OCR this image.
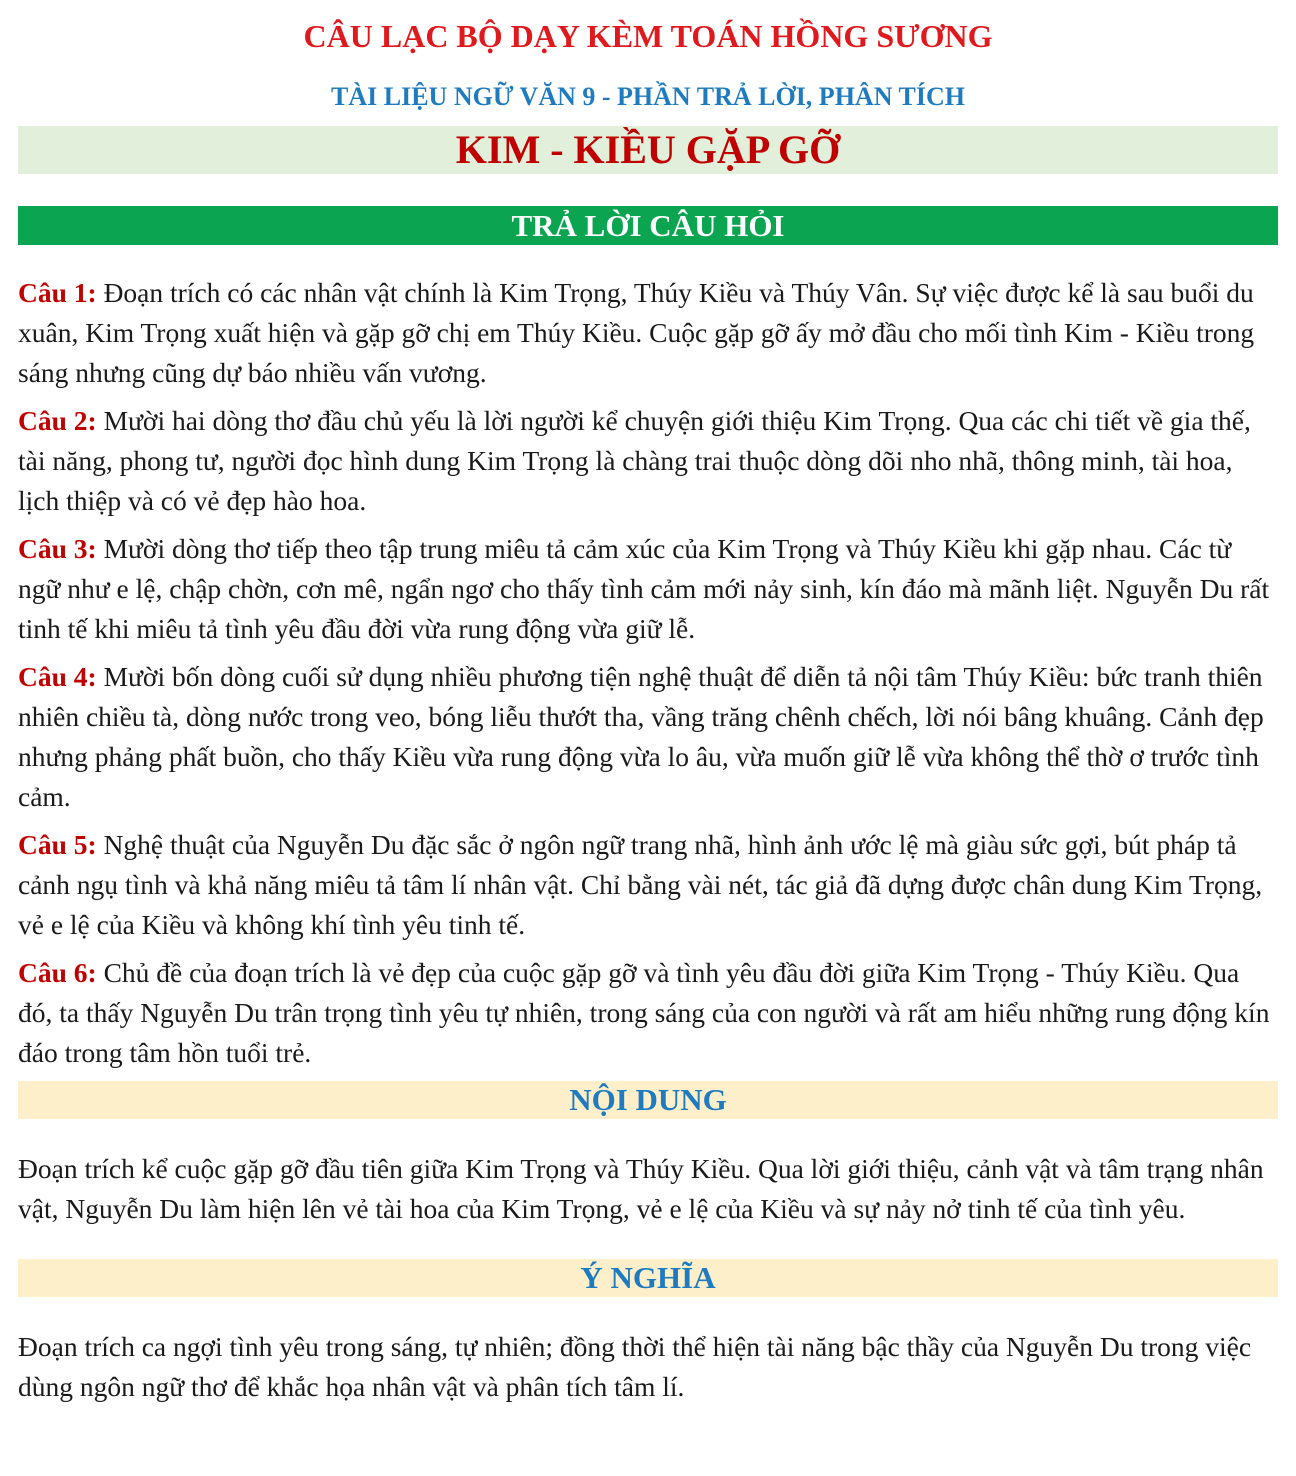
CÂU LẠC BỘ DẠY KÈM TOÁN HỒNG SƯƠNG
TÀI LIỆU NGỮ VĂN 9 - PHẦN TRẢ LỜI, PHÂN TÍCH
KIM - KIỀU GẶP GỠ
TRẢ LỜI CÂU HỎI
Câu 1: Đoạn trích có các nhân vật chính là Kim Trọng, Thúy Kiều và Thúy Vân. Sự việc được kể là sau buổi du xuân, Kim Trọng xuất hiện và gặp gỡ chị em Thúy Kiều. Cuộc gặp gỡ ấy mở đầu cho mối tình Kim - Kiều trong sáng nhưng cũng dự báo nhiều vấn vương.
Câu 2: Mười hai dòng thơ đầu chủ yếu là lời người kể chuyện giới thiệu Kim Trọng. Qua các chi tiết về gia thế, tài năng, phong tư, người đọc hình dung Kim Trọng là chàng trai thuộc dòng dõi nho nhã, thông minh, tài hoa, lịch thiệp và có vẻ đẹp hào hoa.
Câu 3: Mười dòng thơ tiếp theo tập trung miêu tả cảm xúc của Kim Trọng và Thúy Kiều khi gặp nhau. Các từ ngữ như e lệ, chập chờn, cơn mê, ngẩn ngơ cho thấy tình cảm mới nảy sinh, kín đáo mà mãnh liệt. Nguyễn Du rất tinh tế khi miêu tả tình yêu đầu đời vừa rung động vừa giữ lễ.
Câu 4: Mười bốn dòng cuối sử dụng nhiều phương tiện nghệ thuật để diễn tả nội tâm Thúy Kiều: bức tranh thiên nhiên chiều tà, dòng nước trong veo, bóng liễu thướt tha, vầng trăng chênh chếch, lời nói bâng khuâng. Cảnh đẹp nhưng phảng phất buồn, cho thấy Kiều vừa rung động vừa lo âu, vừa muốn giữ lễ vừa không thể thờ ơ trước tình cảm.
Câu 5: Nghệ thuật của Nguyễn Du đặc sắc ở ngôn ngữ trang nhã, hình ảnh ước lệ mà giàu sức gợi, bút pháp tả cảnh ngụ tình và khả năng miêu tả tâm lí nhân vật. Chỉ bằng vài nét, tác giả đã dựng được chân dung Kim Trọng, vẻ e lệ của Kiều và không khí tình yêu tinh tế.
Câu 6: Chủ đề của đoạn trích là vẻ đẹp của cuộc gặp gỡ và tình yêu đầu đời giữa Kim Trọng - Thúy Kiều. Qua đó, ta thấy Nguyễn Du trân trọng tình yêu tự nhiên, trong sáng của con người và rất am hiểu những rung động kín đáo trong tâm hồn tuổi trẻ.
NỘI DUNG
Đoạn trích kể cuộc gặp gỡ đầu tiên giữa Kim Trọng và Thúy Kiều. Qua lời giới thiệu, cảnh vật và tâm trạng nhân vật, Nguyễn Du làm hiện lên vẻ tài hoa của Kim Trọng, vẻ e lệ của Kiều và sự nảy nở tinh tế của tình yêu.
Ý NGHĨA
Đoạn trích ca ngợi tình yêu trong sáng, tự nhiên; đồng thời thể hiện tài năng bậc thầy của Nguyễn Du trong việc dùng ngôn ngữ thơ để khắc họa nhân vật và phân tích tâm lí.
